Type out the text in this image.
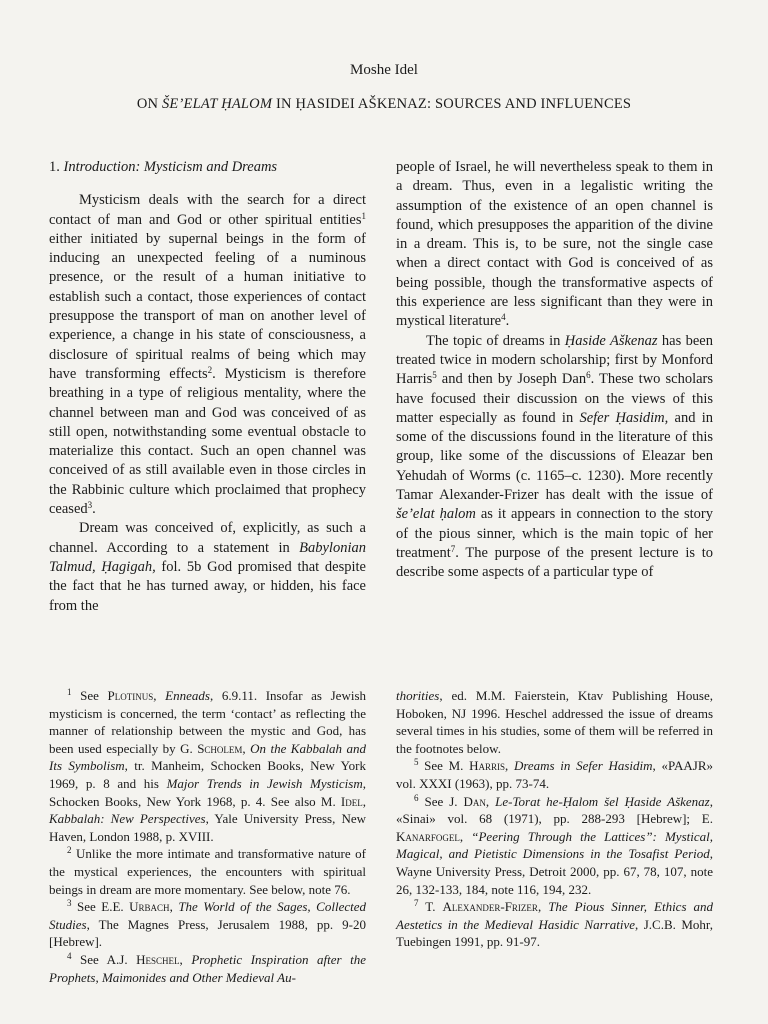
Moshe Idel
ON ŠE’ELAT ḤALOM IN ḤASIDEI AŠKENAZ: SOURCES AND INFLUENCES

1. Introduction: Mysticism and Dreams

Mysticism deals with the search for a direct contact of man and God or other spiritual entities$^1$ either initiated by supernal beings in the form of inducing an unexpected feeling of a numinous presence, or the result of a human initiative to establish such a contact, those experiences of contact presuppose the transport of man on another level of experience, a change in his state of consciousness, a disclosure of spiritual realms of being which may have transforming effects$^2$. Mysticism is therefore breathing in a type of religious mentality, where the channel between man and God was conceived of as still open, notwithstanding some eventual obstacle to materialize this contact. Such an open channel was conceived of as still available even in those circles in the Rabbinic culture which proclaimed that prophecy ceased$^3$.

Dream was conceived of, explicitly, as such a channel. According to a statement in Babylonian Talmud, Ḥagigah, fol. 5b God promised that despite the fact that he has turned away, or hidden, his face from the

people of Israel, he will nevertheless speak to them in a dream. Thus, even in a legalistic writing the assumption of the existence of an open channel is found, which presupposes the apparition of the divine in a dream. This is, to be sure, not the single case when a direct contact with God is conceived of as being possible, though the transformative aspects of this experience are less significant than they were in mystical literature$^4$.

The topic of dreams in Ḥaside Aškenaz has been treated twice in modern scholarship; first by Monford Harris$^5$ and then by Joseph Dan$^6$. These two scholars have focused their discussion on the views of this matter especially as found in Sefer Ḥasidim, and in some of the discussions found in the literature of this group, like some of the discussions of Eleazar ben Yehudah of Worms (c. 1165–c. 1230). More recently Tamar Alexander-Frizer has dealt with the issue of še’elat ḥalom as it appears in connection to the story of the pious sinner, which is the main topic of her treatment$^7$. The purpose of the present lecture is to describe some aspects of a particular type of

$^1$ See Plotinus, Enneads, 6.9.11. Insofar as Jewish mysticism is concerned, the term ‘contact’ as reflecting the manner of relationship between the mystic and God, has been used especially by G. Scholem, On the Kabbalah and Its Symbolism, tr. Manheim, Schocken Books, New York 1969, p. 8 and his Major Trends in Jewish Mysticism, Schocken Books, New York 1968, p. 4. See also M. Idel, Kabbalah: New Perspectives, Yale University Press, New Haven, London 1988, p. XVIII.

$^2$ Unlike the more intimate and transformative nature of the mystical experiences, the encounters with spiritual beings in dream are more momentary. See below, note 76.

$^3$ See E.E. Urbach, The World of the Sages, Collected Studies, The Magnes Press, Jerusalem 1988, pp. 9-20 [Hebrew].

$^4$ See A.J. Heschel, Prophetic Inspiration after the Prophets, Maimonides and Other Medieval Au-

thorities, ed. M.M. Faierstein, Ktav Publishing House, Hoboken, NJ 1996. Heschel addressed the issue of dreams several times in his studies, some of them will be referred in the footnotes below.

$^5$ See M. Harris, Dreams in Sefer Hasidim, «PAAJR» vol. XXXI (1963), pp. 73-74.

$^6$ See J. Dan, Le-Torat he-Ḥalom šel Ḥaside Aškenaz, «Sinai» vol. 68 (1971), pp. 288-293 [Hebrew]; E. Kanarfogel, “Peering Through the Lattices”: Mystical, Magical, and Pietistic Dimensions in the Tosafist Period, Wayne University Press, Detroit 2000, pp. 67, 78, 107, note 26, 132-133, 184, note 116, 194, 232.

$^7$ T. Alexander-Frizer, The Pious Sinner, Ethics and Aestetics in the Medieval Hasidic Narrative, J.C.B. Mohr, Tuebingen 1991, pp. 91-97.
